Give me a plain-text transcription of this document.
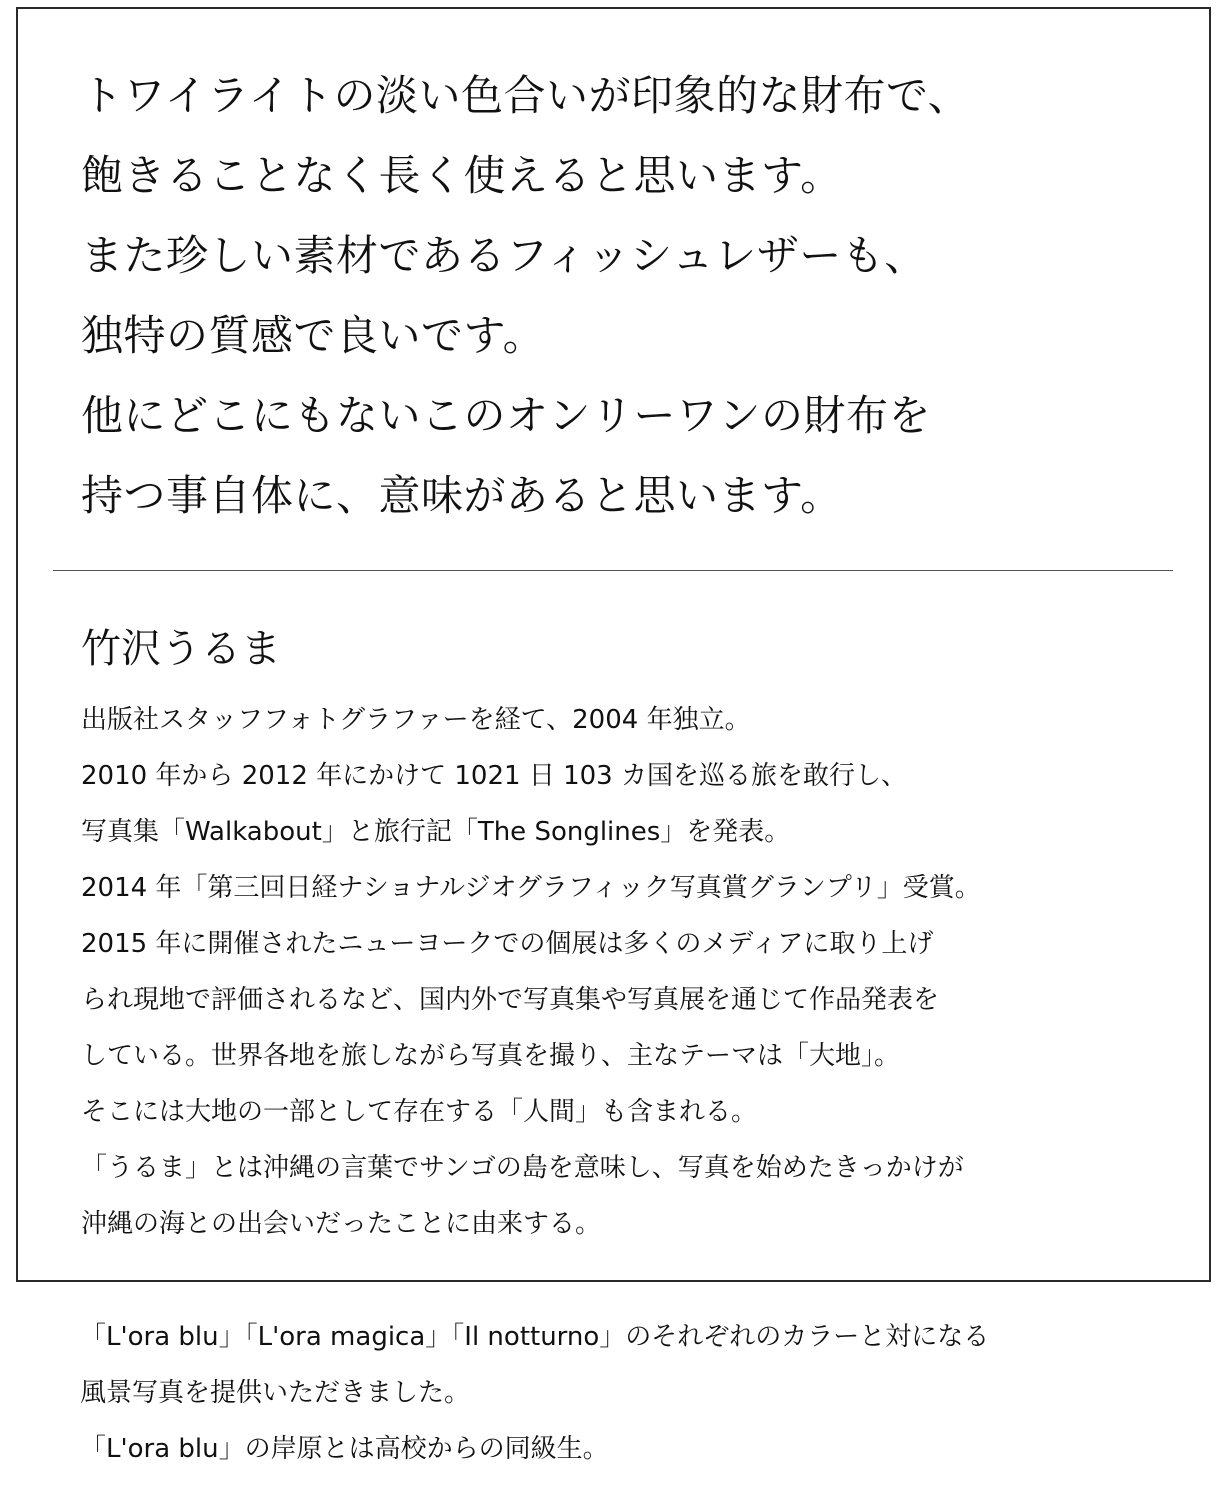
トワイライトの淡い色合いが印象的な財布で、
飽きることなく長く使えると思います。
また珍しい素材であるフィッシュレザーも、
独特の質感で良いです。
他にどこにもないこのオンリーワンの財布を
持つ事自体に、意味があると思います。
竹沢うるま
出版社スタッフフォトグラファーを経て、2004 年独立。
2010 年から 2012 年にかけて 1021 日 103 カ国を巡る旅を敢行し、
写真集「Walkabout」と旅行記「The Songlines」を発表。
2014 年「第三回日経ナショナルジオグラフィック写真賞グランプリ」受賞。
2015 年に開催されたニューヨークでの個展は多くのメディアに取り上げ
られ現地で評価されるなど、国内外で写真集や写真展を通じて作品発表を
している。世界各地を旅しながら写真を撮り、主なテーマは「大地」。
そこには大地の一部として存在する「人間」も含まれる。
「うるま」とは沖縄の言葉でサンゴの島を意味し、写真を始めたきっかけが
沖縄の海との出会いだったことに由来する。
「L'ora blu」「L'ora magica」「Il notturno」のそれぞれのカラーと対になる
風景写真を提供いただきました。
「L'ora blu」の岸原とは高校からの同級生。
